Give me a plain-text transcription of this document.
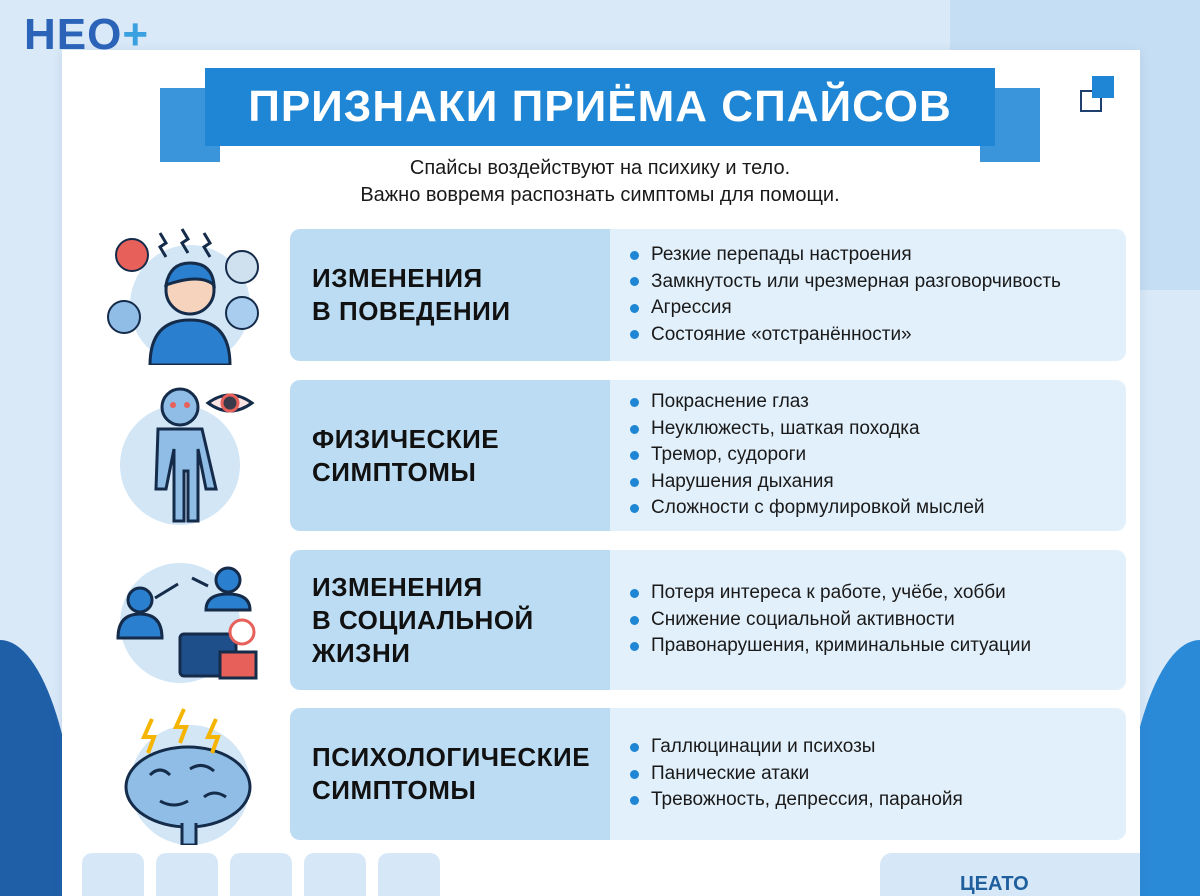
НЕО+
ПРИЗНАКИ ПРИЁМА СПАЙСОВ
Спайсы воздействуют на психику и тело.
Важно вовремя распознать симптомы для помощи.
ИЗМЕНЕНИЯ
В ПОВЕДЕНИИ
Резкие перепады настроения
Замкнутость или чрезмерная разговорчивость
Агрессия
Состояние «отстранённости»
ФИЗИЧЕСКИЕ
СИМПТОМЫ
Покраснение глаз
Неуклюжесть, шаткая походка
Тремор, судороги
Нарушения дыхания
Сложности с формулировкой мыслей
ИЗМЕНЕНИЯ
В СОЦИАЛЬНОЙ
ЖИЗНИ
Потеря интереса к работе, учёбе, хобби
Снижение социальной активности
Правонарушения, криминальные ситуации
ПСИХОЛОГИЧЕСКИЕ
СИМПТОМЫ
Галлюцинации и психозы
Панические атаки
Тревожность, депрессия, паранойя
ЦЕАТО
